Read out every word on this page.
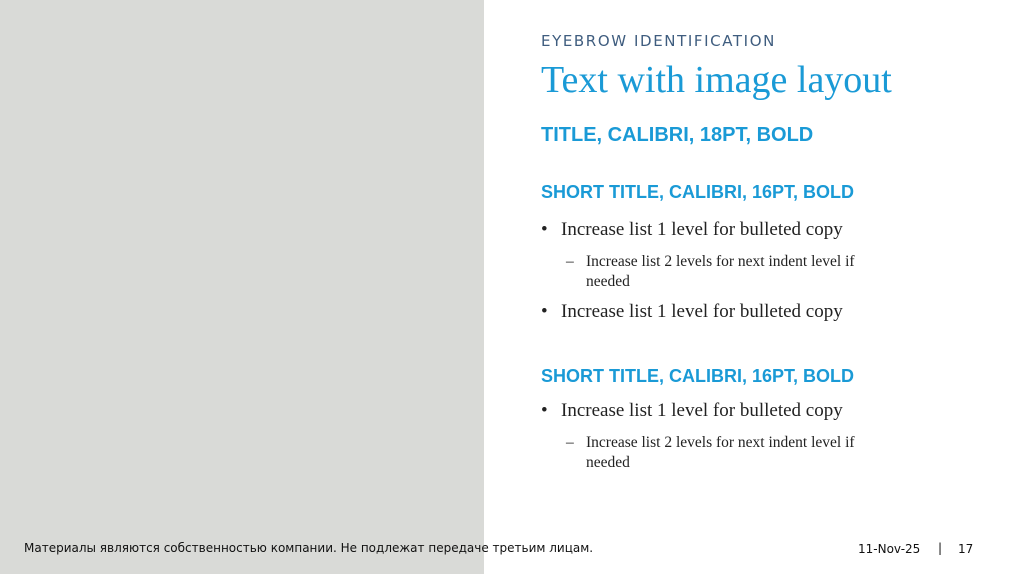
EYEBROW IDENTIFICATION
Text with image layout
TITLE, CALIBRI, 18PT, BOLD
SHORT TITLE, CALIBRI, 16PT, BOLD
• Increase list 1 level for bulleted copy
– Increase list 2 levels for next indent level if needed
• Increase list 1 level for bulleted copy
SHORT TITLE, CALIBRI, 16PT, BOLD
• Increase list 1 level for bulleted copy
– Increase list 2 levels for next indent level if needed
Материалы являются собственностью компании. Не подлежат передаче третьим лицам.	11-Nov-25 | 17
